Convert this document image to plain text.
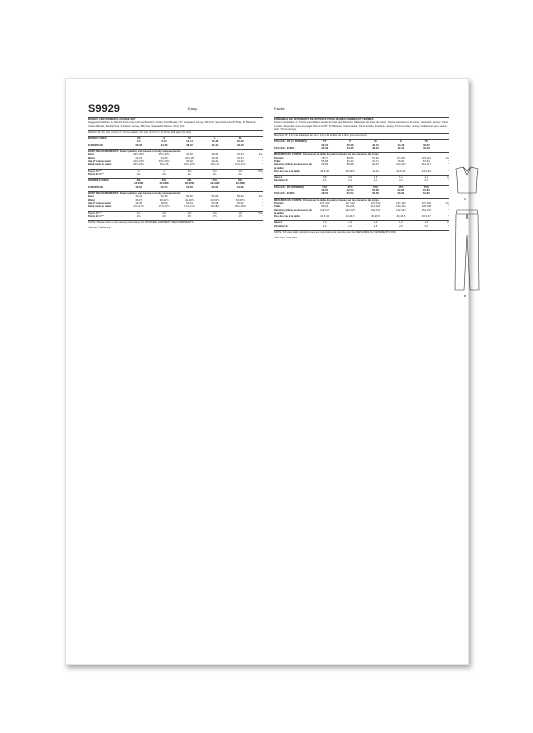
S9929	Easy
MISSES' AND WOMEN'S LOUNGE SET
Suggested Fabrics: A: Stretch Knits only such as Bamboo, Cotton Knit Blends, ITY, Jacquard, Jersey, Rib Knit. See Pick-A-Knit® Rule. B: Bamboo, Cotton Blends, Double Knit, Interlock, Jersey, Rib Knit, Sweatshirt Fleece, Terry Knit.
Notions: B: 2¼ yds. (2.1m) ¾" (1cm) elastic, 2¼ yds. (2.1m) ¾" (1.9cm) twill tape (for ties).
MISSES' SIZES	XS	S	M	L	XL
4-6	8-10	12-14	16-18	20-22
EUROPEAN	30-32	34-36	38-40	42-44	46-48
BODY MEASUREMENTS: Select pattern size based on body measurements
Bust	29½-30½	31½-32½	34-36	38-40	42-44	Ins.
Waist	22-23	24-25	26½-28	30-32	34-37	"
Hip-9" below waist	31½-32½	33½-34½	36-38	40-42	44-46	"
Back-neck to waist	15½-15¾	15¾-16	16¼-16½	16¾-17	17⅛-17¼	"
Top A 60"**	¾	1	1⅛	1⅛	1⅛	Yds.
Pants B 60"**	2⅛	2⅛	2¼	2¼	2¼	"
WOMEN'S SIZES	1XL	2XL	3XL	4XL	5XL
18-22W	24-26W	28-30W	32-34W	36-38W
EUROPEAN	48-50	52-54	56-58	60-62	64-66
BODY MEASUREMENTS: Select pattern size based on body measurements
Bust	42-44	46-48	50-52	54-56	58-60	Ins.
Waist	35-37	39-41½	44-46½	49-51½	53-56½	"
Hip-9" below waist	44-46	48-50	52-54	56-58	60-62	"
Back-neck to waist	17⅛-17¼	17⅜-17½	17⅝-17¾	18-18⅛	18¼-18⅜	"
Top A 60"**	1¼	1⅜	1⅜	1⅜	1⅜	Yds.
Pants B 60"**	2⅜	2⅜	2½	2½	2½	"
NOTE: Please refer to the sewing instructions for FINISHED GARMENT MEASUREMENTS.
*with nap **without nap
Facile
ENSEMBLE DE VÊTEMENTS DE DÉTENTE POUR JEUNES FEMMES ET FEMMES
Tissus Conseillés: A: Tricots extensibles seulement tels que Bambou, Mélanges de tricot de coton, Tricots interlock en fil retors, Jacquard, Jersey, Tricot à côtes. Reportez-vous à la règle Pick-A-Knit®. B: Bambou, Cotonnades, Tricot double, Interlock, Jersey, Tricot à côtes, Jersey molletonné pour sweat-shirt, Tricot éponge.
Mercerie: B: 2,1m de élastique de 1cm, 2,1m de bolduc de 1,9cm (pour les liens).
TAILLES - FR (J. FEMMES)	TP	P	M	G	TG
32-34	36-38	40-42	44-46	48-50
TAILLES - EURO	30-32	34-36	38-40	42-44	46-48
MESURES DU CORPS: Choisissez la taille du patron basée sur les mesures du corps
Poitrine	75-77	80-83	87-92	97-102	107-112	cm
Taille	56-58	61-64	67-71	76-81	87-94	"
Hanches (23cm au-dessous de la taille)
80-83	85-88	92-97	102-107	112-117	"
Dos du cou à la taille	39.5-40	40-40.5	41-42	42.5-43	43.5-44	"
Haut A	0,8	0,9	1,0	1,1	1,1	m
Pantalon B	2,1	2,1	2,1	2,1	2,1	"
TAILLES - FR (FEMMES)	1TG	2TG	3TG	4TG	5TG
46-50	52-54	56-58	60-62	64-66
TAILLES - EURO	48-50	52-54	56-58	60-62	64-66
MESURES DU CORPS: Choisissez la taille du patron basée sur les mesures du corps
Poitrine	107-112	117-122	127-132	137-142	147-152	cm
Taille	89-94	99-105	112-118	124-131	135-138	"
Hanches (23cm au-dessous de la taille)
112-117	122-127	132-137	142-147	152-157	"
Dos du cou à la taille	43.5-44	44-44.5	45-45.5	46-46.5	46.5-47	"
Haut A	1,3	1,3	1,3	1,3	1,3	m
Pantalon B	2,4	2,4	2,5	2,5	2,5	"
NOTE: S'il vous plaît, reportez-vous au instructions de couture pour les MESURES DU VÊTEMENTS FINI.
*avec sens **sans sens
A
B
